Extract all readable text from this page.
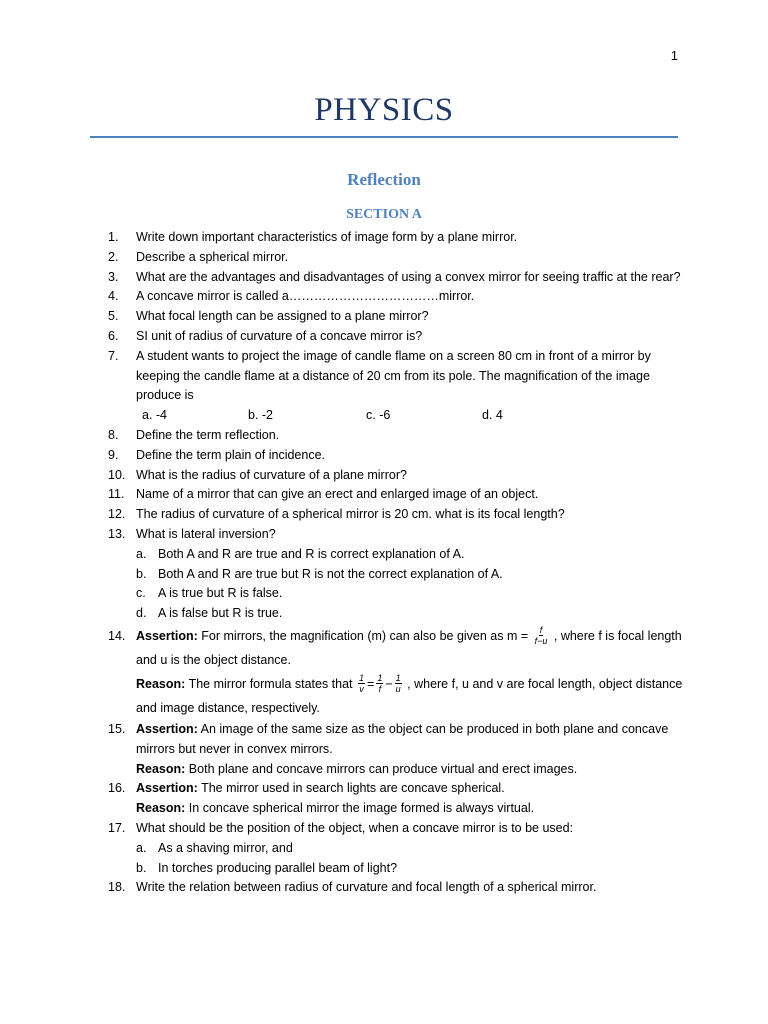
1
PHYSICS
Reflection
SECTION A
1.	Write down important characteristics of image form by a plane mirror.
2.	Describe a spherical mirror.
3.	What are the advantages and disadvantages of using a convex mirror for seeing traffic at the rear?
4.	A concave mirror is called a………………………………mirror.
5.	What focal length can be assigned to a plane mirror?
6.	SI unit of radius of curvature of a concave mirror is?
7.	A student wants to project the image of candle flame on a screen 80 cm in front of a mirror by keeping the candle flame at a distance of 20 cm from its pole. The magnification of the image produce is
a. -4	b. -2	c. -6	d. 4
8.	Define the term reflection.
9.	Define the term plain of incidence.
10. What is the radius of curvature of a plane mirror?
11. Name of a mirror that can give an erect and enlarged image of an object.
12. The radius of curvature of a spherical mirror is 20 cm. what is its focal length?
13. What is lateral inversion?
a. Both A and R are true and R is correct explanation of A.
b. Both A and R are true but R is not the correct explanation of A.
c. A is true but R is false.
d. A is false but R is true.
14. Assertion: For mirrors, the magnification (m) can also be given as $m = \frac{f}{f-u}$ , where f is focal length and u is the object distance.
Reason: The mirror formula states that $\frac{1}{v} = \frac{1}{f} - \frac{1}{u}$ , where f, u and v are focal length, object distance and image distance, respectively.
15. Assertion: An image of the same size as the object can be produced in both plane and concave mirrors but never in convex mirrors.
Reason: Both plane and concave mirrors can produce virtual and erect images.
16. Assertion: The mirror used in search lights are concave spherical.
Reason: In concave spherical mirror the image formed is always virtual.
17. What should be the position of the object, when a concave mirror is to be used:
a. As a shaving mirror, and
b. In torches producing parallel beam of light?
18. Write the relation between radius of curvature and focal length of a spherical mirror.
